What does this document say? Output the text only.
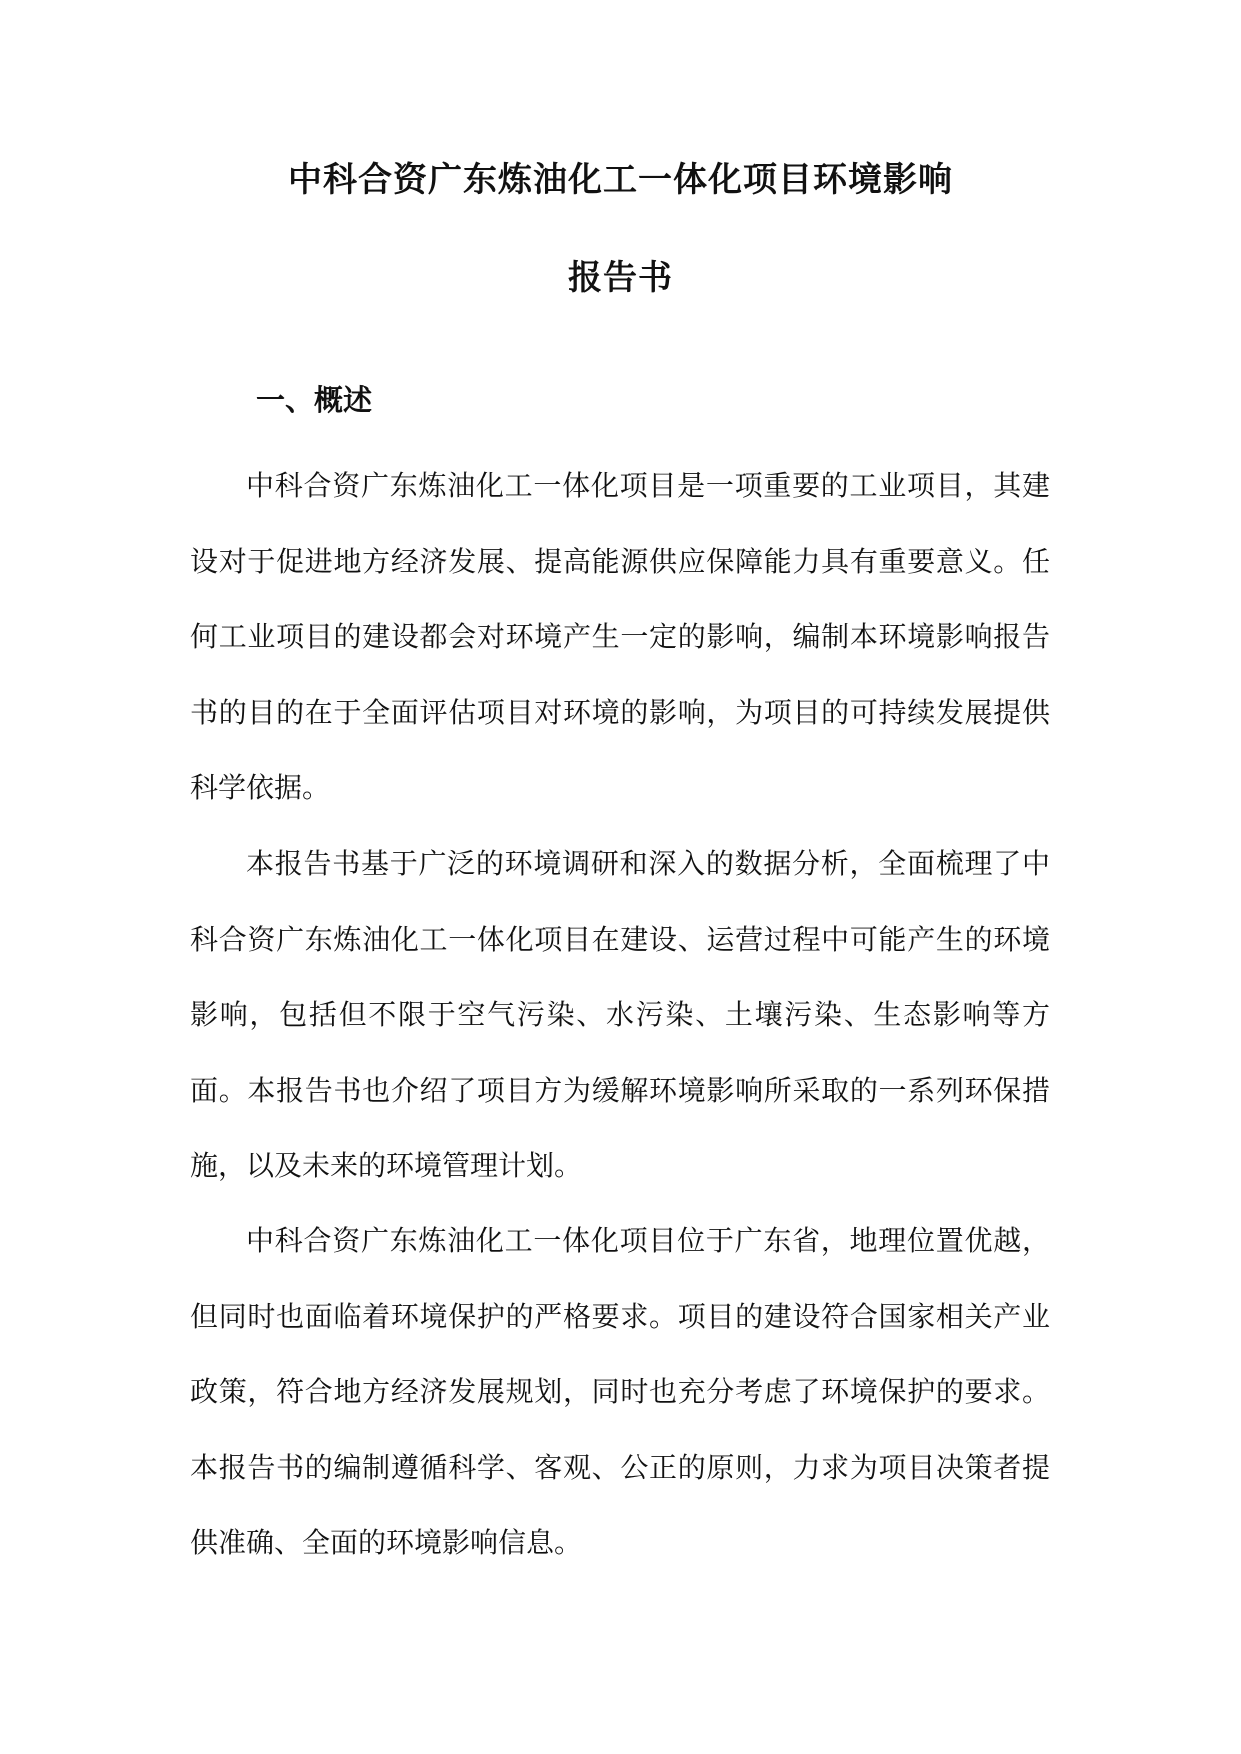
中科合资广东炼油化工一体化项目环境影响
报告书
一、概述

中科合资广东炼油化工一体化项目是一项重要的工业项目，其建设对于促进地方经济发展、提高能源供应保障能力具有重要意义。任何工业项目的建设都会对环境产生一定的影响，编制本环境影响报告书的目的在于全面评估项目对环境的影响，为项目的可持续发展提供科学依据。

本报告书基于广泛的环境调研和深入的数据分析，全面梳理了中科合资广东炼油化工一体化项目在建设、运营过程中可能产生的环境影响，包括但不限于空气污染、水污染、土壤污染、生态影响等方面。本报告书也介绍了项目方为缓解环境影响所采取的一系列环保措施，以及未来的环境管理计划。

中科合资广东炼油化工一体化项目位于广东省，地理位置优越，但同时也面临着环境保护的严格要求。项目的建设符合国家相关产业政策，符合地方经济发展规划，同时也充分考虑了环境保护的要求。本报告书的编制遵循科学、客观、公正的原则，力求为项目决策者提供准确、全面的环境影响信息。
